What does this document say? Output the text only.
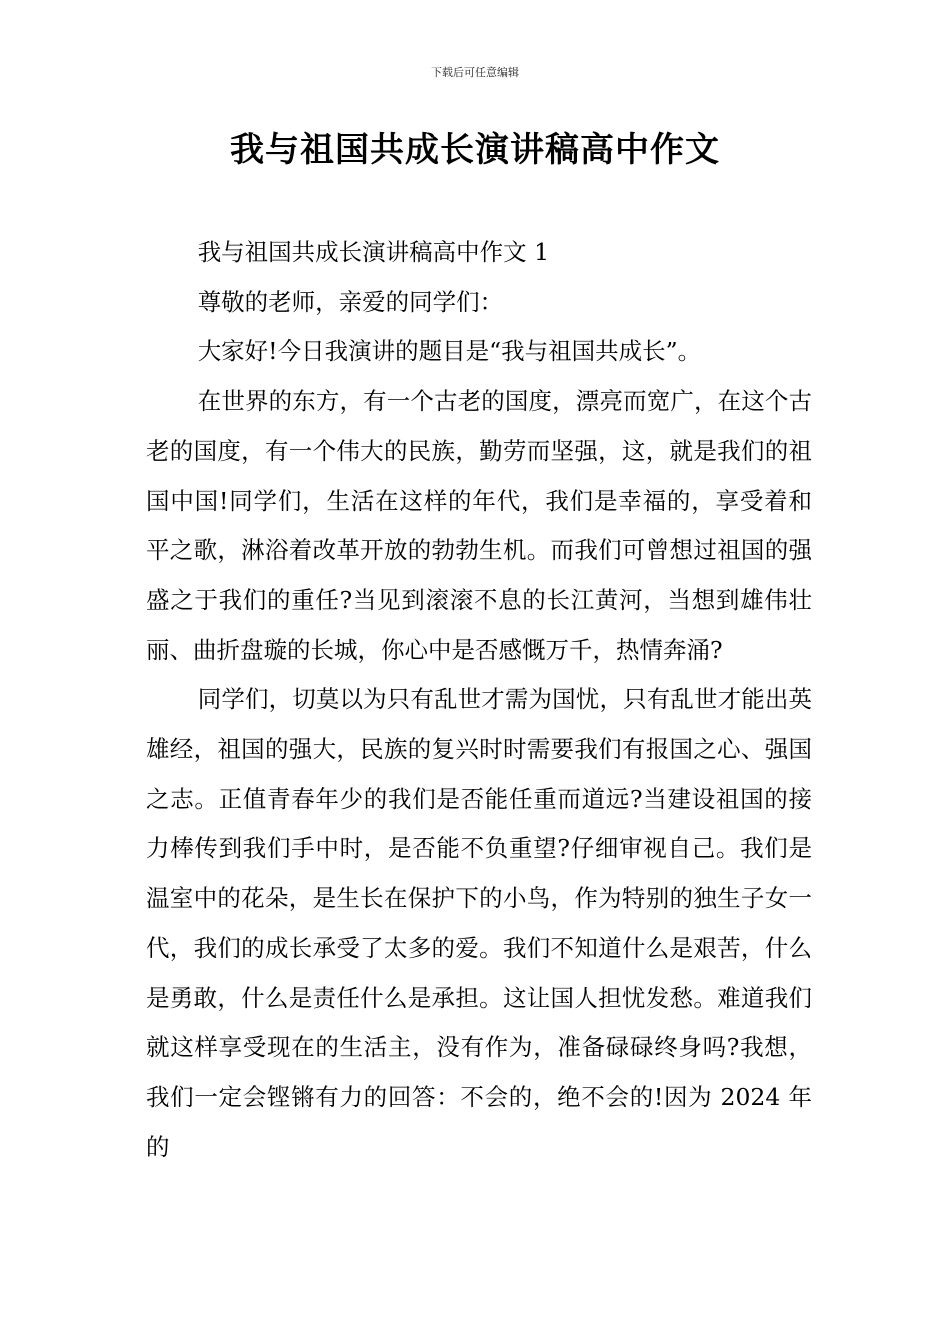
下载后可任意编辑
我与祖国共成长演讲稿高中作文

我与祖国共成长演讲稿高中作文 1

尊敬的老师，亲爱的同学们：

大家好!今日我演讲的题目是“我与祖国共成长”。

在世界的东方，有一个古老的国度，漂亮而宽广，在这个古老的国度，有一个伟大的民族，勤劳而坚强，这，就是我们的祖国中国!同学们，生活在这样的年代，我们是幸福的，享受着和平之歌，淋浴着改革开放的勃勃生机。而我们可曾想过祖国的强盛之于我们的重任?当见到滚滚不息的长江黄河，当想到雄伟壮丽、曲折盘璇的长城，你心中是否感慨万千，热情奔涌?

同学们，切莫以为只有乱世才需为国忧，只有乱世才能出英雄经，祖国的强大，民族的复兴时时需要我们有报国之心、强国之志。正值青春年少的我们是否能任重而道远?当建设祖国的接力棒传到我们手中时，是否能不负重望?仔细审视自己。我们是温室中的花朵，是生长在保护下的小鸟，作为特别的独生子女一代，我们的成长承受了太多的爱。我们不知道什么是艰苦，什么是勇敢，什么是责任什么是承担。这让国人担忧发愁。难道我们就这样享受现在的生活主，没有作为，准备碌碌终身吗?我想，我们一定会铿锵有力的回答：不会的，绝不会的!因为 2024 年的
